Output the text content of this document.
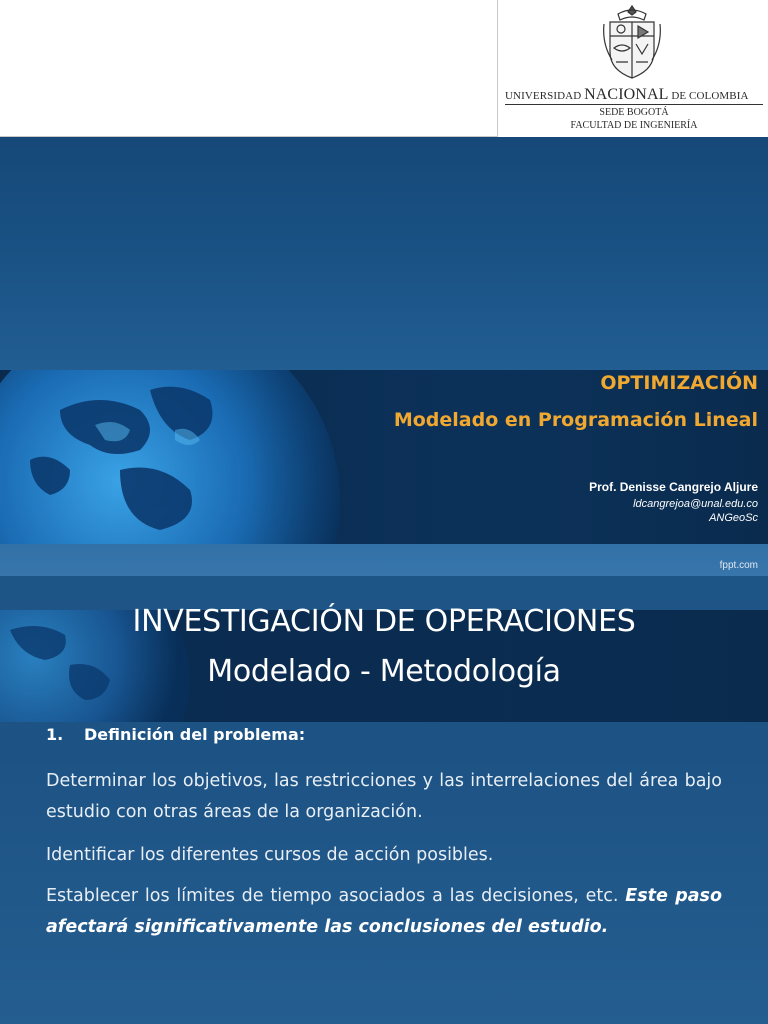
UNIVERSIDAD NACIONAL DE COLOMBIA
SEDE BOGOTÁ
FACULTAD DE INGENIERÍA
OPTIMIZACIÓN
Modelado en Programación Lineal
Prof. Denisse Cangrejo Aljure
ldcangrejoa@unal.edu.co
ANGeoSc
fppt.com
INVESTIGACIÓN DE OPERACIONES
Modelado - Metodología
1. Definición del problema:
Determinar los objetivos, las restricciones y las interrelaciones del área bajo estudio con otras áreas de la organización.
Identificar los diferentes cursos de acción posibles.
Establecer los límites de tiempo asociados a las decisiones, etc. Este paso afectará significativamente las conclusiones del estudio.
